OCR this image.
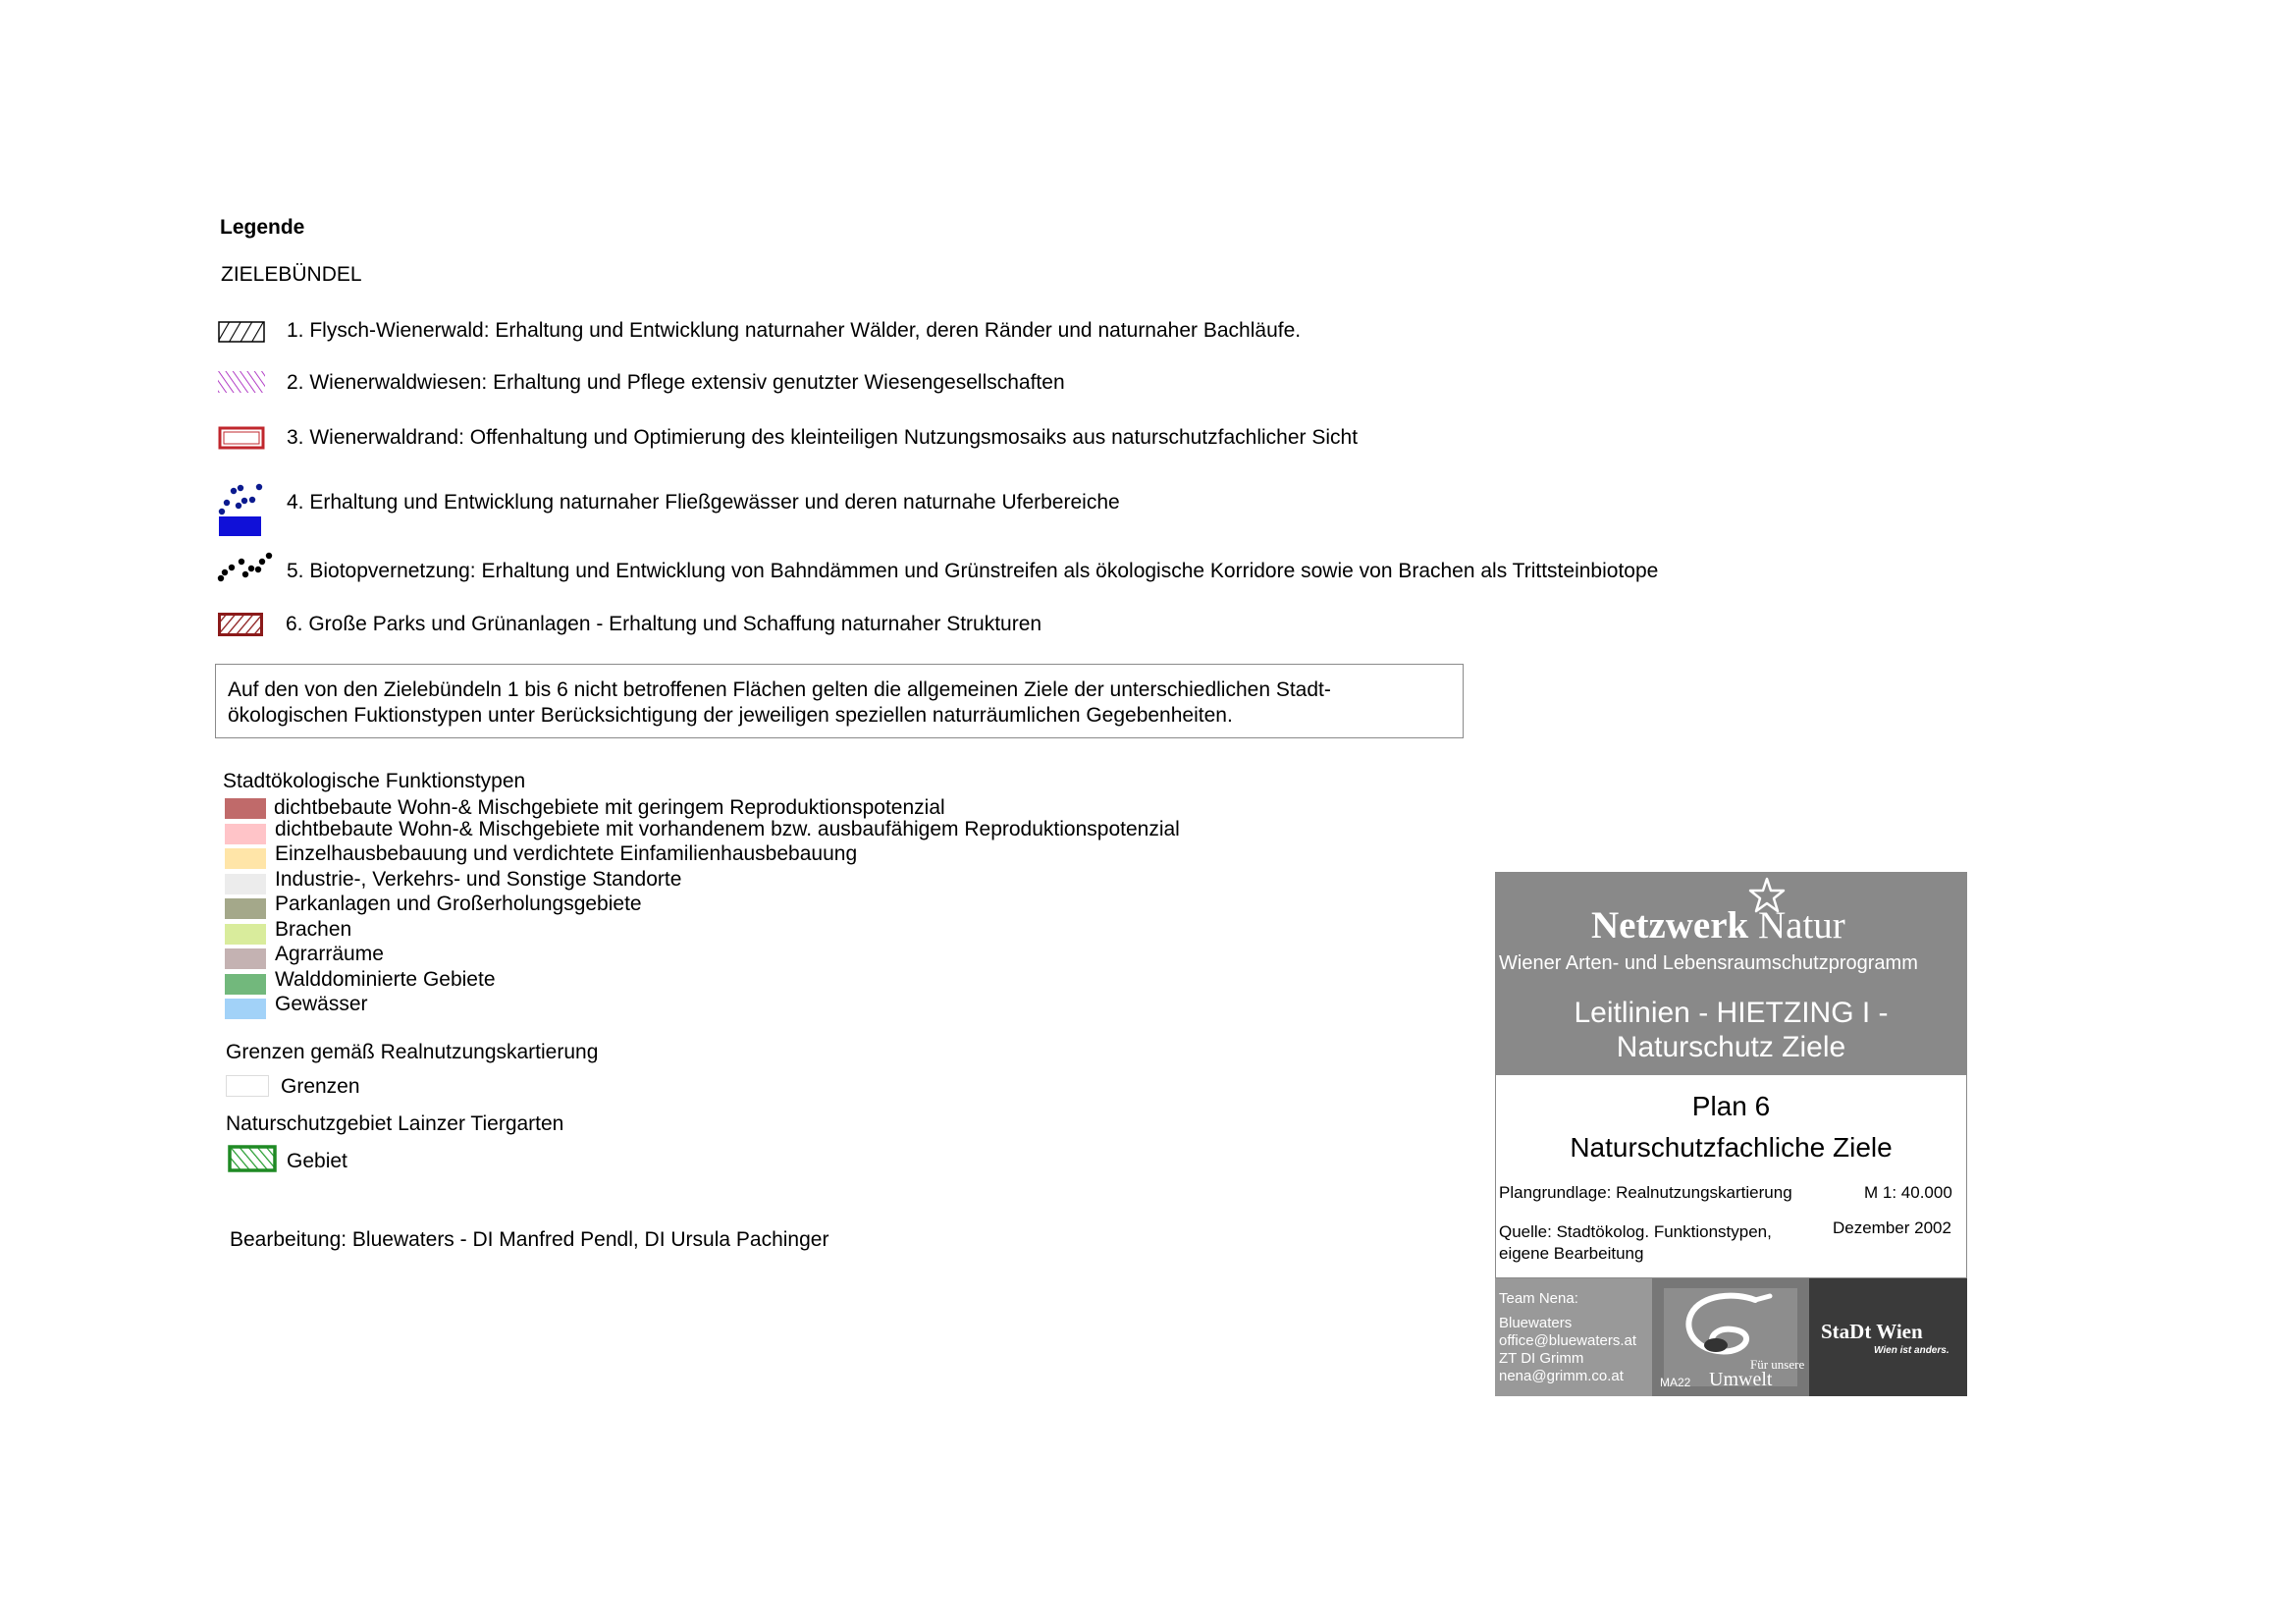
Legende
ZIELEBÜNDEL
1. Flysch-Wienerwald: Erhaltung und Entwicklung naturnaher Wälder, deren Ränder und naturnaher Bachläufe.
2. Wienerwaldwiesen: Erhaltung und Pflege extensiv genutzter Wiesengesellschaften
3. Wienerwaldrand: Offenhaltung und Optimierung des kleinteiligen Nutzungsmosaiks aus naturschutzfachlicher Sicht
4. Erhaltung und Entwicklung naturnaher Fließgewässer und deren naturnahe Uferbereiche
5. Biotopvernetzung: Erhaltung und Entwicklung von Bahndämmen und Grünstreifen als ökologische Korridore sowie von Brachen als Trittsteinbiotope
6. Große Parks und Grünanlagen - Erhaltung und Schaffung naturnaher Strukturen
Auf den von den Zielebündeln 1 bis 6 nicht betroffenen Flächen gelten die allgemeinen Ziele der unterschiedlichen Stadt-
ökologischen Fuktionstypen unter Berücksichtigung der jeweiligen speziellen naturräumlichen Gegebenheiten.
Stadtökologische Funktionstypen
dichtbebaute Wohn-& Mischgebiete mit geringem Reproduktionspotenzial
dichtbebaute Wohn-& Mischgebiete mit vorhandenem bzw. ausbaufähigem Reproduktionspotenzial
Einzelhausbebauung und verdichtete Einfamilienhausbebauung
Industrie-, Verkehrs- und Sonstige Standorte
Parkanlagen und Großerholungsgebiete
Brachen
Agrarräume
Walddominierte Gebiete
Gewässer
Grenzen gemäß Realnutzungskartierung
Grenzen
Naturschutzgebiet Lainzer Tiergarten
Gebiet
Bearbeitung: Bluewaters - DI Manfred Pendl, DI Ursula Pachinger
Netzwerk Natur
Wiener Arten- und Lebensraumschutzprogramm
Leitlinien - HIETZING I -
Naturschutz Ziele
Plan 6
Naturschutzfachliche Ziele
Plangrundlage: Realnutzungskartierung	M 1: 40.000
Quelle: Stadtökolog. Funktionstypen,
eigene Bearbeitung
Dezember 2002
Team Nena:
Bluewaters
office@bluewaters.at
ZT DI Grimm
nena@grimm.co.at
Für unsere
MA22 Umwelt
StaDt Wien
Wien ist anders.
